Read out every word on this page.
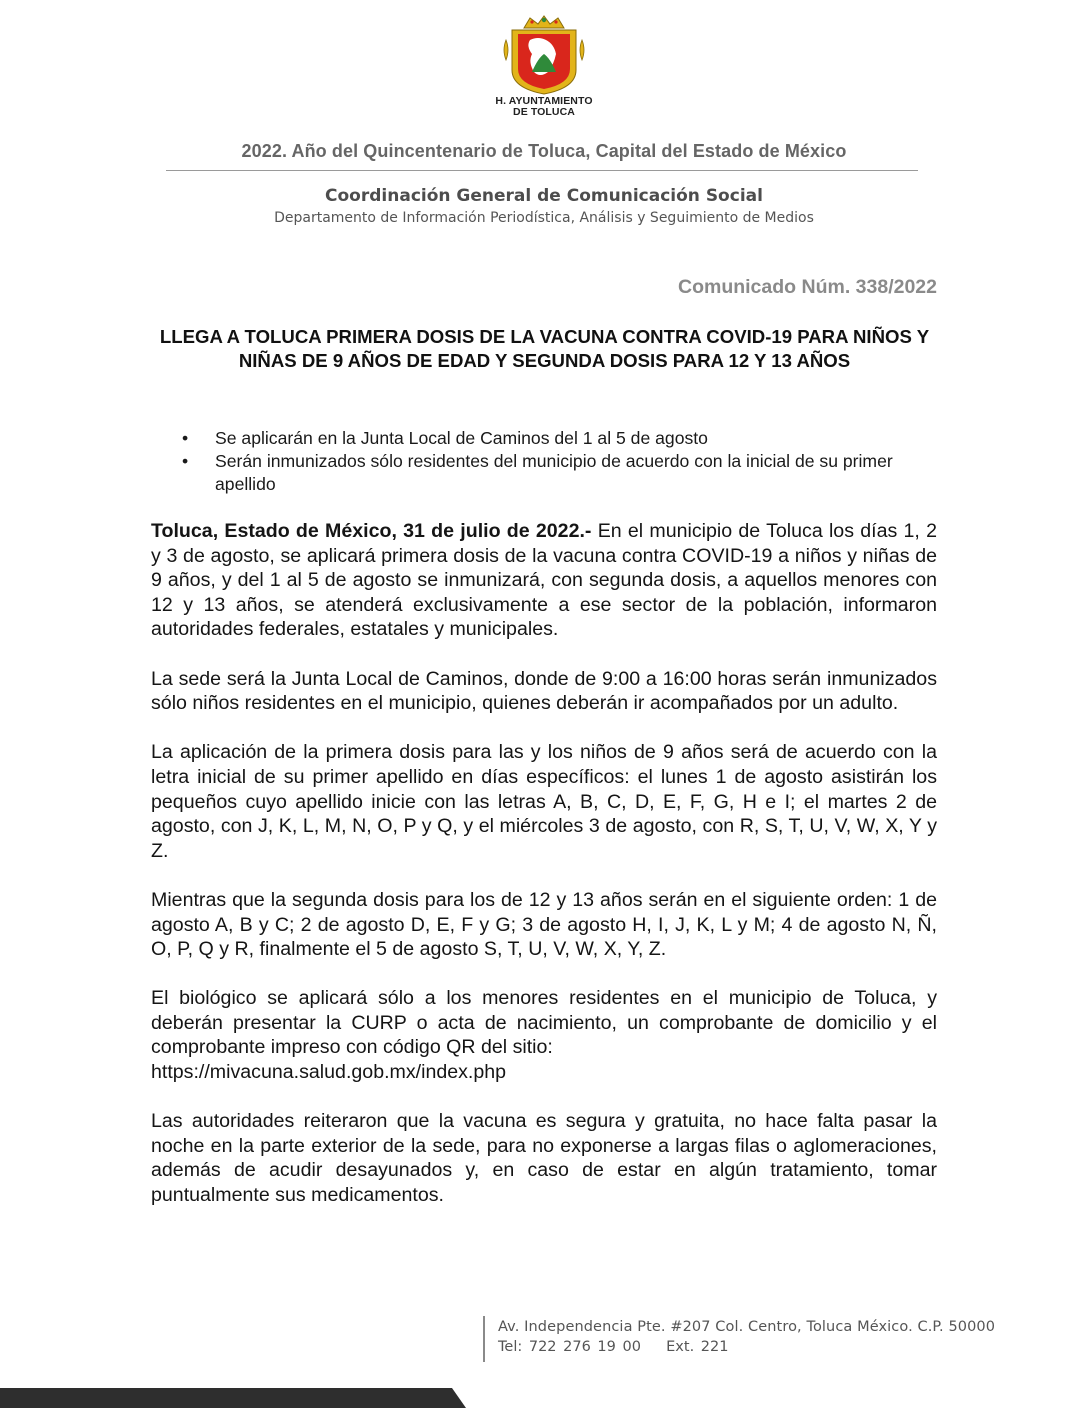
H. AYUNTAMIENTO
DE TOLUCA
2022. Año del Quincentenario de Toluca, Capital del Estado de México
Coordinación General de Comunicación Social
Departamento de Información Periodística, Análisis y Seguimiento de Medios
Comunicado Núm. 338/2022
LLEGA A TOLUCA PRIMERA DOSIS DE LA VACUNA CONTRA COVID-19 PARA NIÑOS Y NIÑAS DE 9 AÑOS DE EDAD Y SEGUNDA DOSIS PARA 12 Y 13 AÑOS
• Se aplicarán en la Junta Local de Caminos del 1 al 5 de agosto
• Serán inmunizados sólo residentes del municipio de acuerdo con la inicial de su primer apellido

Toluca, Estado de México, 31 de julio de 2022.- En el municipio de Toluca los días 1, 2 y 3 de agosto, se aplicará primera dosis de la vacuna contra COVID-19 a niños y niñas de 9 años, y del 1 al 5 de agosto se inmunizará, con segunda dosis, a aquellos menores con 12 y 13 años, se atenderá exclusivamente a ese sector de la población, informaron autoridades federales, estatales y municipales.

La sede será la Junta Local de Caminos, donde de 9:00 a 16:00 horas serán inmunizados sólo niños residentes en el municipio, quienes deberán ir acompañados por un adulto.

La aplicación de la primera dosis para las y los niños de 9 años será de acuerdo con la letra inicial de su primer apellido en días específicos: el lunes 1 de agosto asistirán los pequeños cuyo apellido inicie con las letras A, B, C, D, E, F, G, H e I; el martes 2 de agosto, con J, K, L, M, N, O, P y Q, y el miércoles 3 de agosto, con R, S, T, U, V, W, X, Y y Z.

Mientras que la segunda dosis para los de 12 y 13 años serán en el siguiente orden: 1 de agosto A, B y C; 2 de agosto D, E, F y G; 3 de agosto H, I, J, K, L y M; 4 de agosto N, Ñ, O, P, Q y R, finalmente el 5 de agosto S, T, U, V, W, X, Y, Z.

El biológico se aplicará sólo a los menores residentes en el municipio de Toluca, y deberán presentar la CURP o acta de nacimiento, un comprobante de domicilio y el comprobante impreso con código QR del sitio:
https://mivacuna.salud.gob.mx/index.php

Las autoridades reiteraron que la vacuna es segura y gratuita, no hace falta pasar la noche en la parte exterior de la sede, para no exponerse a largas filas o aglomeraciones, además de acudir desayunados y, en caso de estar en algún tratamiento, tomar puntualmente sus medicamentos.

Av. Independencia Pte. #207 Col. Centro, Toluca México. C.P. 50000
Tel: 722 276 19 00 Ext. 221
